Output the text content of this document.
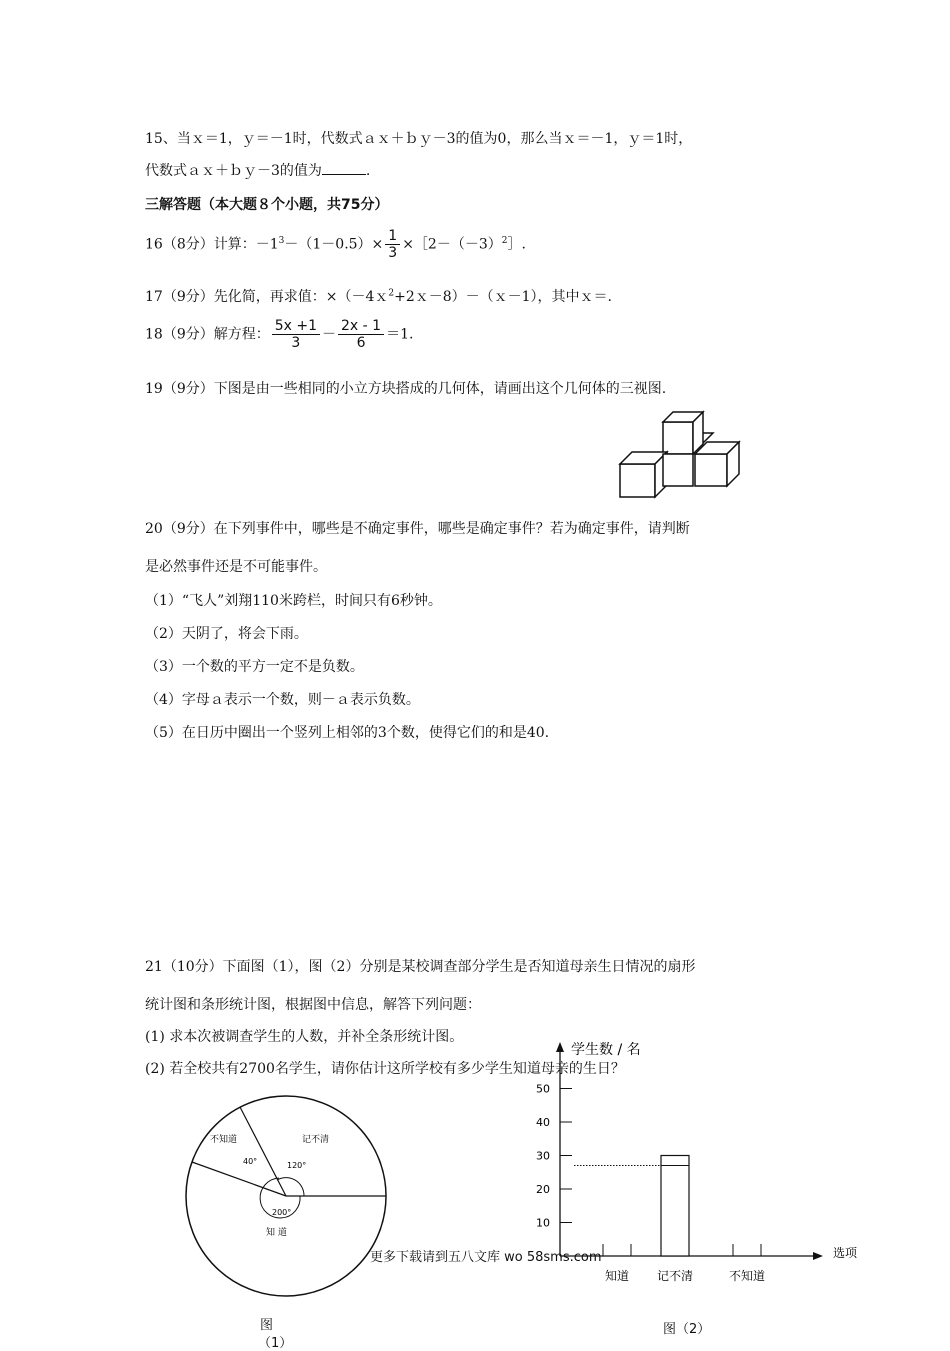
15、当ｘ＝1，ｙ＝－1时，代数式ａｘ＋ｂｙ－3的值为0，那么当ｘ＝－1，ｙ＝1时，
代数式ａｘ＋ｂｙ－3的值为	.
三解答题（本大题８个小题，共75分）
16（8分）计算：$-1^3-(1-0.5)\times \frac{1}{3}$ $\times[2-(-3)^2]$.
17（9分）先化简，再求值：×（－4ｘ$^2$+2ｘ－8）－（ｘ－1），其中ｘ＝.
18（9分）解方程： $\frac{5x +1}{3} - \frac{2x - 1}{6} =1$.
19（9分）下图是由一些相同的小立方块搭成的几何体，请画出这个几何体的三视图.
20（9分）在下列事件中，哪些是不确定事件，哪些是确定事件？若为确定事件，请判断
是必然事件还是不可能事件。
（1）“飞人”刘翔110米跨栏，时间只有6秒钟。
（2）天阴了，将会下雨。
（3）一个数的平方一定不是负数。
（4）字母ａ表示一个数，则－ａ表示负数。
（5）在日历中圈出一个竖列上相邻的3个数，使得它们的和是40.
21（10分）下面图（1），图（2）分别是某校调查部分学生是否知道母亲生日情况的扇形
统计图和条形统计图，根据图中信息，解答下列问题：
(1) 求本次被调查学生的人数，并补全条形统计图。
(2) 若全校共有2700名学生，请你估计这所学校有多少学生知道母亲的生日？
不知道	记不清
知 道
40°	120°
200°
图
（1）
学生数 / 名
选项
10
20
30
40
50
知道 记不清	不知道
图（2）
更多下载请到五八文库 wo 58sms.com
